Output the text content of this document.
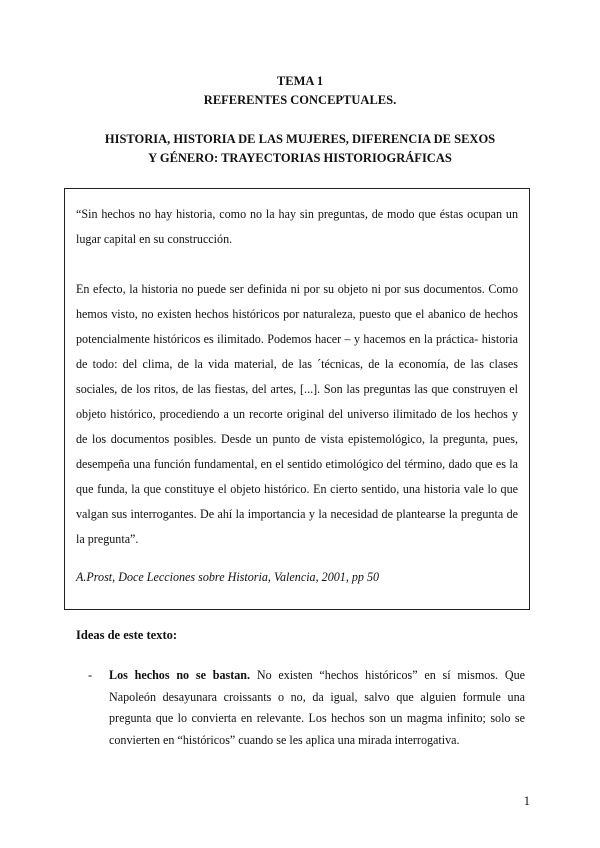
TEMA 1
REFERENTES CONCEPTUALES.
HISTORIA, HISTORIA DE LAS MUJERES, DIFERENCIA DE SEXOS
Y GÉNERO: TRAYECTORIAS HISTORIOGRÁFICAS

“Sin hechos no hay historia, como no la hay sin preguntas, de modo que éstas ocupan un lugar capital en su construcción.

En efecto, la historia no puede ser definida ni por su objeto ni por sus documentos. Como hemos visto, no existen hechos históricos por naturaleza, puesto que el abanico de hechos potencialmente históricos es ilimitado. Podemos hacer – y hacemos en la práctica- historia de todo: del clima, de la vida material, de las ´técnicas, de la economía, de las clases sociales, de los ritos, de las fiestas, del artes, [...]. Son las preguntas las que construyen el objeto histórico, procediendo a un recorte original del universo ilimitado de los hechos y de los documentos posibles. Desde un punto de vista epistemológico, la pregunta, pues, desempeña una función fundamental, en el sentido etimológico del término, dado que es la que funda, la que constituye el objeto histórico. En cierto sentido, una historia vale lo que valgan sus interrogantes. De ahí la importancia y la necesidad de plantearse la pregunta de la pregunta”.

A.Prost, Doce Lecciones sobre Historia, Valencia, 2001, pp 50

Ideas de este texto:
- Los hechos no se bastan. No existen “hechos históricos” en sí mismos. Que Napoleón desayunara croissants o no, da igual, salvo que alguien formule una pregunta que lo convierta en relevante. Los hechos son un magma infinito; solo se convierten en “históricos” cuando se les aplica una mirada interrogativa.
1
